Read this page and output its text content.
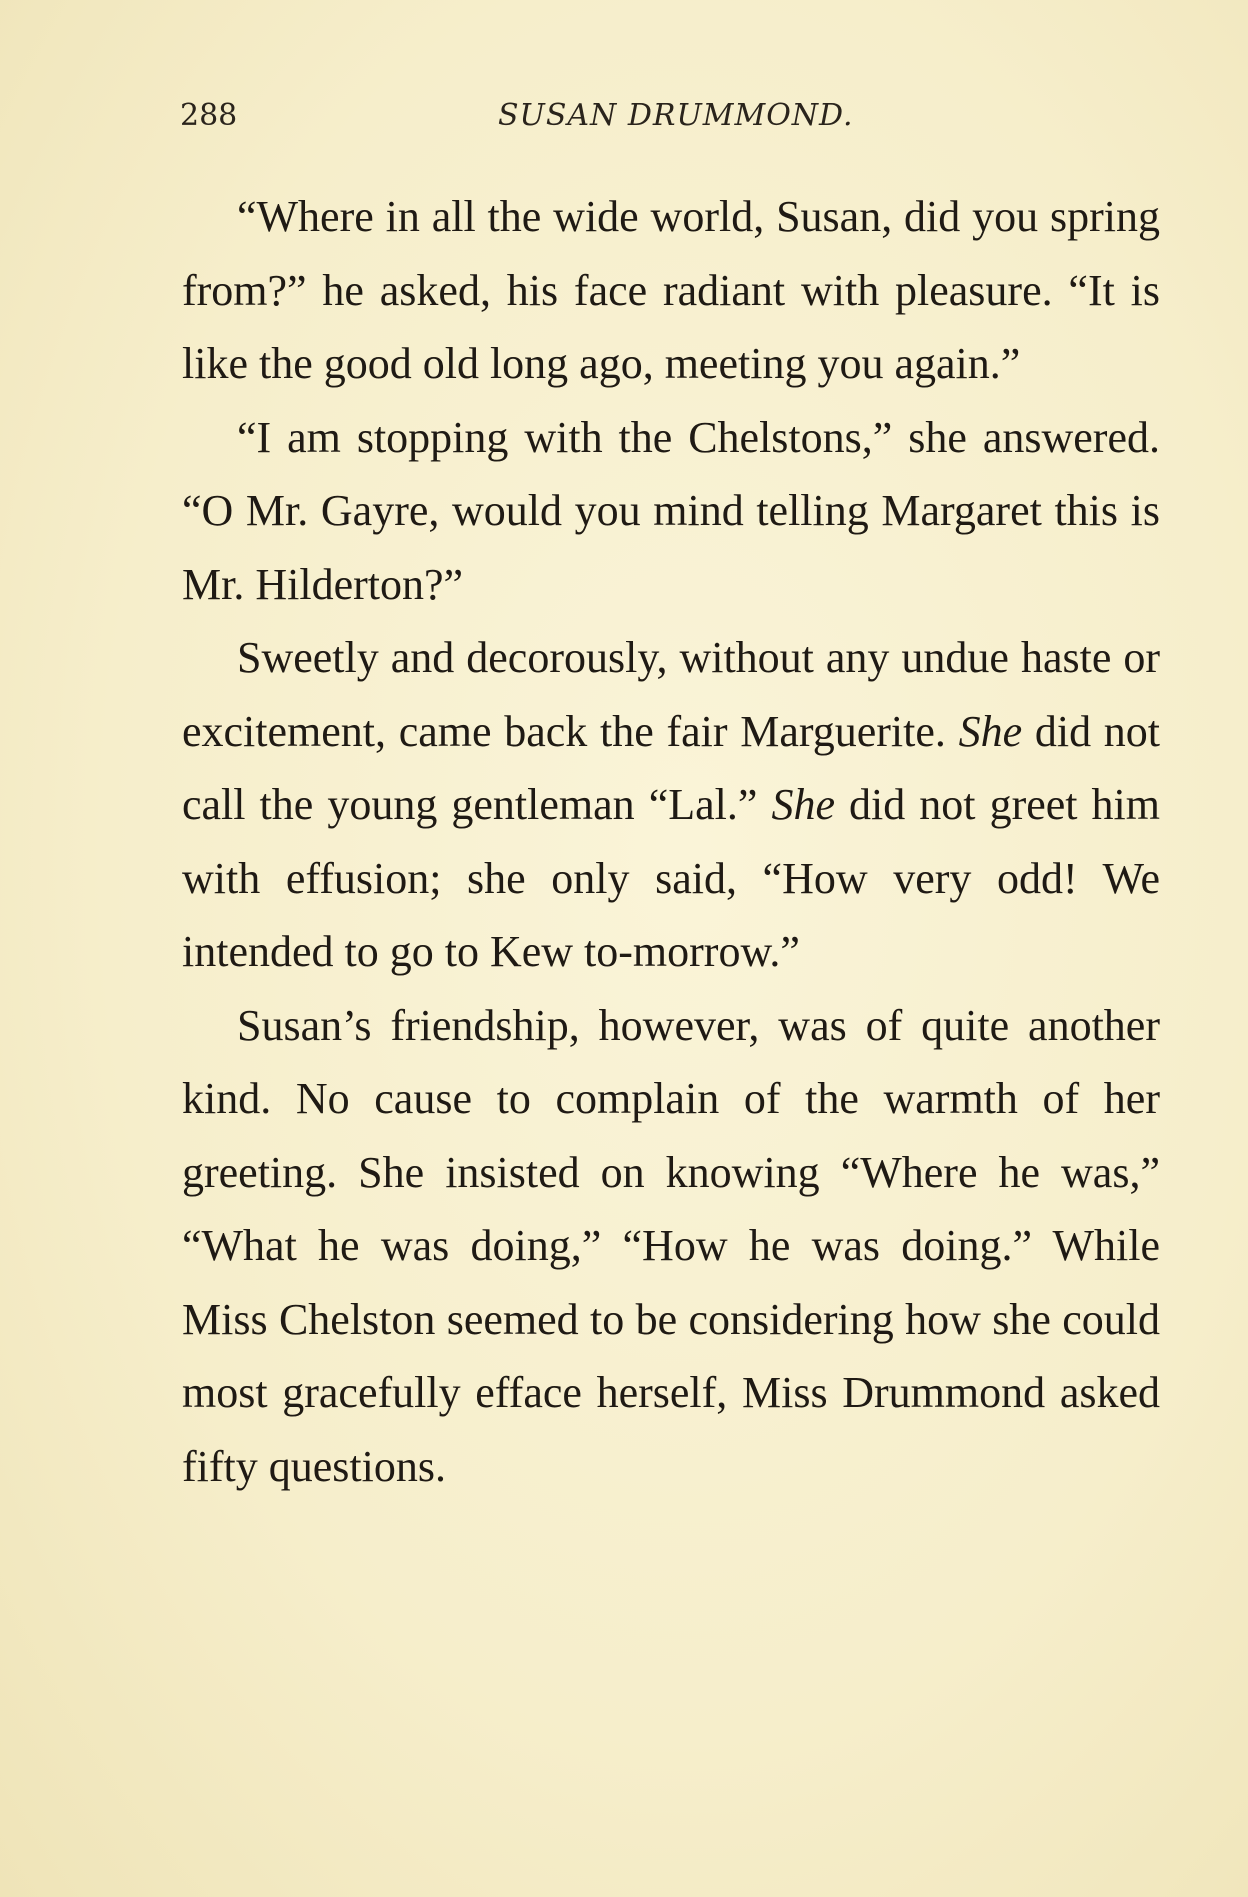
288	SUSAN DRUMMOND.

“Where in all the wide world, Susan, did you spring from?” he asked, his face radiant with pleasure. “It is like the good old long ago, meeting you again.”

“I am stopping with the Chelstons,” she answered. “O Mr. Gayre, would you mind telling Margaret this is Mr. Hilderton?”

Sweetly and decorously, without any undue haste or excitement, came back the fair Marguerite. She did not call the young gentleman “Lal.” She did not greet him with effusion; she only said, “How very odd! We intended to go to Kew to-morrow.”

Susan’s friendship, however, was of quite another kind. No cause to complain of the warmth of her greeting. She insisted on knowing “Where he was,” “What he was doing,” “How he was doing.” While Miss Chelston seemed to be considering how she could most gracefully efface herself, Miss Drummond asked fifty questions.
